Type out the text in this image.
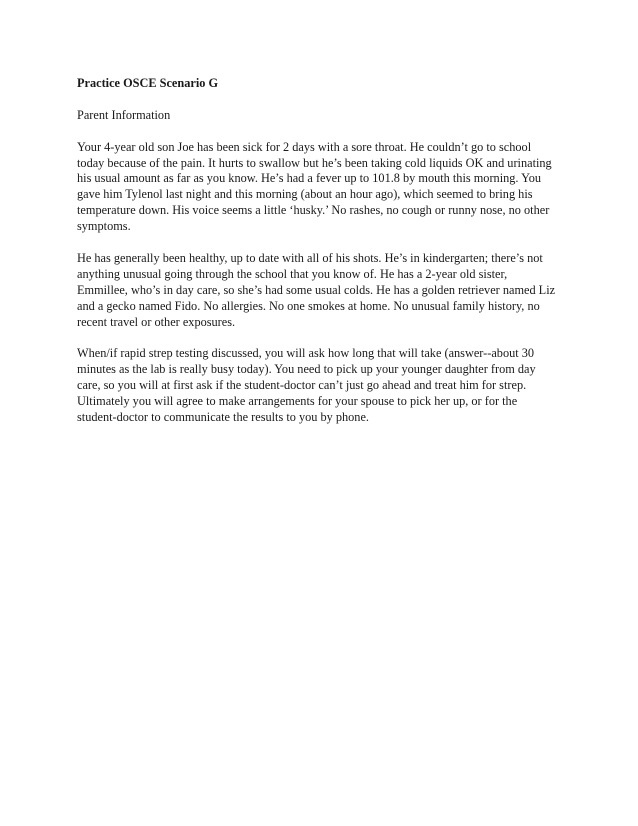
Practice OSCE Scenario G
Parent Information
Your 4-year old son Joe has been sick for 2 days with a sore throat. He couldn’t go to school
today because of the pain. It hurts to swallow but he’s been taking cold liquids OK and urinating
his usual amount as far as you know. He’s had a fever up to 101.8 by mouth this morning. You
gave him Tylenol last night and this morning (about an hour ago), which seemed to bring his
temperature down. His voice seems a little ‘husky.’ No rashes, no cough or runny nose, no other
symptoms.
He has generally been healthy, up to date with all of his shots. He’s in kindergarten; there’s not
anything unusual going through the school that you know of. He has a 2-year old sister,
Emmillee, who’s in day care, so she’s had some usual colds. He has a golden retriever named Liz
and a gecko named Fido. No allergies. No one smokes at home. No unusual family history, no
recent travel or other exposures.
When/if rapid strep testing discussed, you will ask how long that will take (answer--about 30
minutes as the lab is really busy today). You need to pick up your younger daughter from day
care, so you will at first ask if the student-doctor can’t just go ahead and treat him for strep.
Ultimately you will agree to make arrangements for your spouse to pick her up, or for the
student-doctor to communicate the results to you by phone.
